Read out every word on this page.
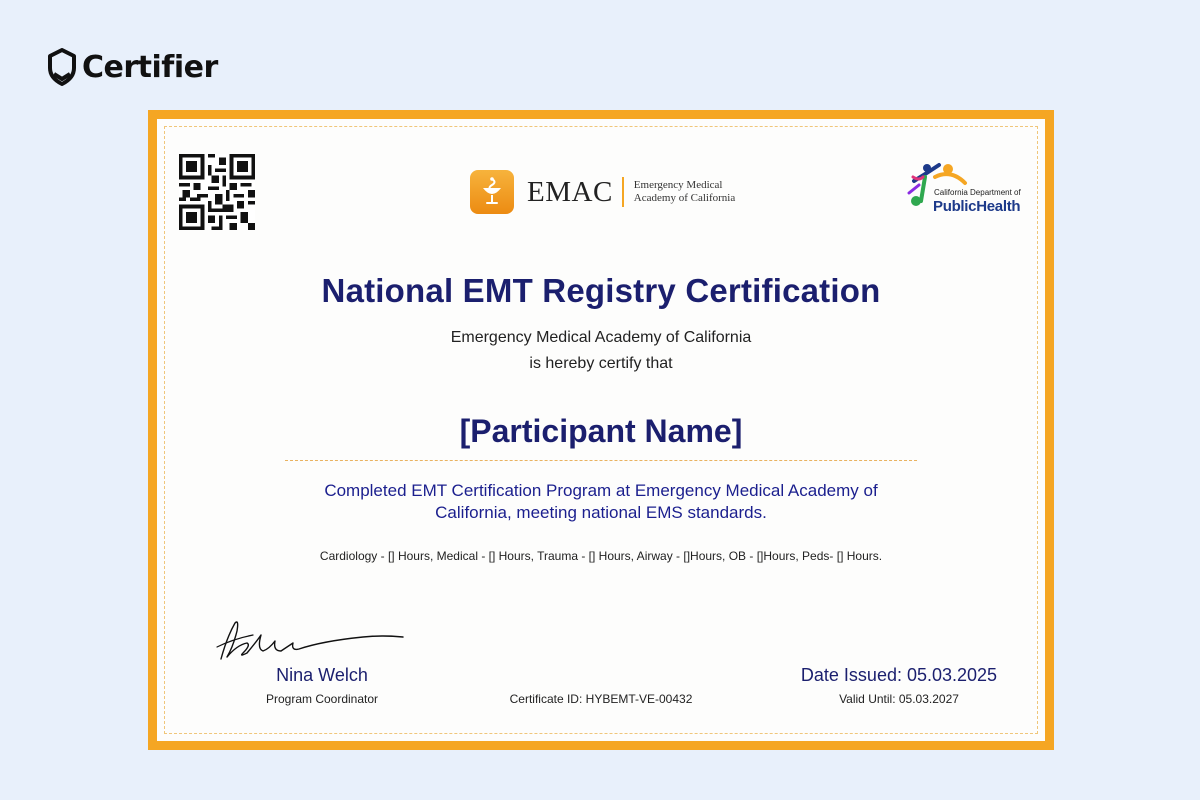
Certifier
EMAC Emergency Medical
Academy of California	California Department of
PublicHealth
National EMT Registry Certification
Emergency Medical Academy of California
is hereby certify that
[Participant Name]
Completed EMT Certification Program at Emergency Medical Academy of California, meeting national EMS standards.
Cardiology - [] Hours, Medical - [] Hours, Trauma - [] Hours, Airway - []Hours, OB - []Hours, Peds- [] Hours.
Nina Welch
Program Coordinator	Certificate ID: HYBEMT-VE-00432
Date Issued: 05.03.2025
Valid Until: 05.03.2027
